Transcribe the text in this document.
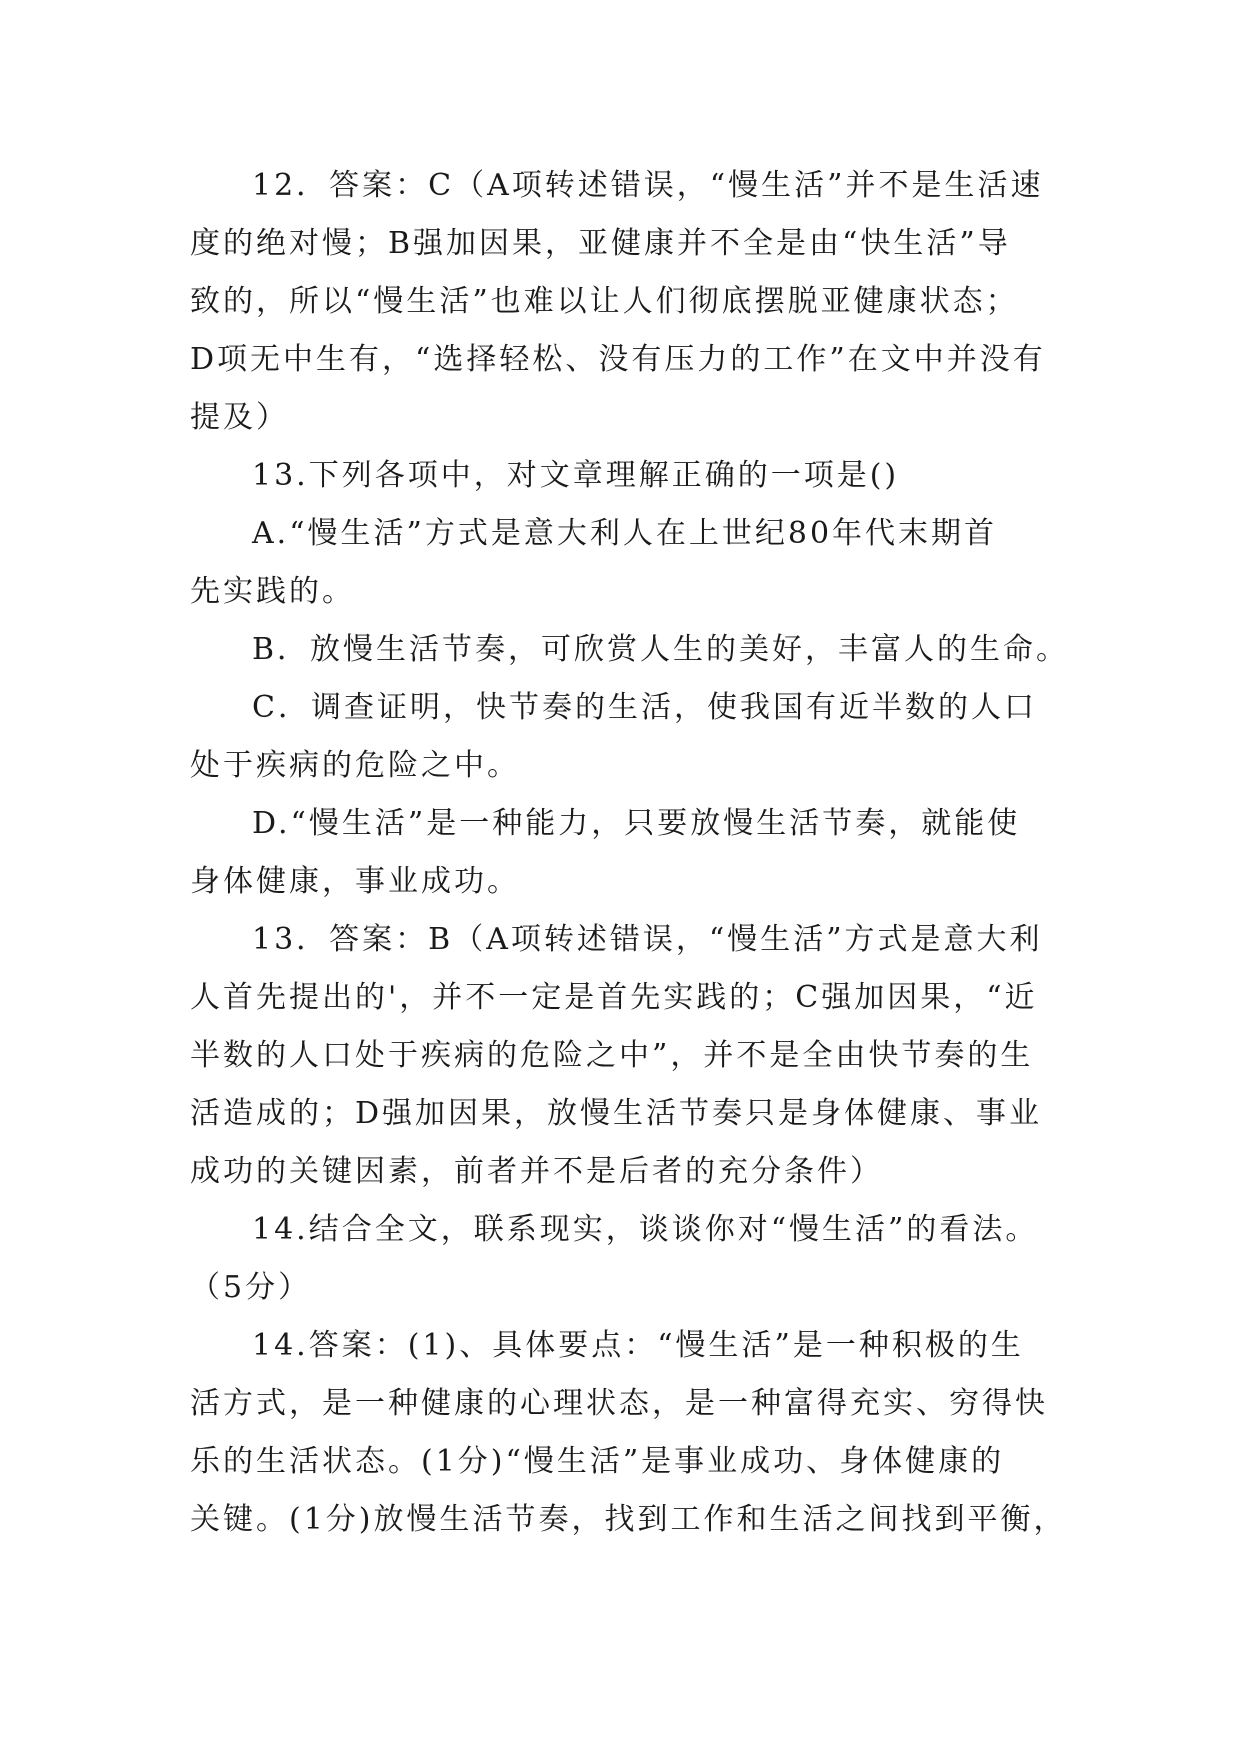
12．答案：C（A项转述错误，“慢生活”并不是生活速
度的绝对慢；B强加因果，亚健康并不全是由“快生活”导
致的，所以“慢生活”也难以让人们彻底摆脱亚健康状态；
D项无中生有，“选择轻松、没有压力的工作”在文中并没有
提及）
13.下列各项中，对文章理解正确的一项是()
A.“慢生活”方式是意大利人在上世纪80年代末期首
先实践的。
B．放慢生活节奏，可欣赏人生的美好，丰富人的生命。
C．调查证明，快节奏的生活，使我国有近半数的人口
处于疾病的危险之中。
D.“慢生活”是一种能力，只要放慢生活节奏，就能使
身体健康，事业成功。
13．答案：B（A项转述错误，“慢生活”方式是意大利
人首先提出的'，并不一定是首先实践的；C强加因果，“近
半数的人口处于疾病的危险之中”，并不是全由快节奏的生
活造成的；D强加因果，放慢生活节奏只是身体健康、事业
成功的关键因素，前者并不是后者的充分条件）
14.结合全文，联系现实，谈谈你对“慢生活”的看法。
（5分）
14.答案：(1)、具体要点：“慢生活”是一种积极的生
活方式，是一种健康的心理状态，是一种富得充实、穷得快
乐的生活状态。(1分)“慢生活”是事业成功、身体健康的
关键。(1分)放慢生活节奏，找到工作和生活之间找到平衡，
